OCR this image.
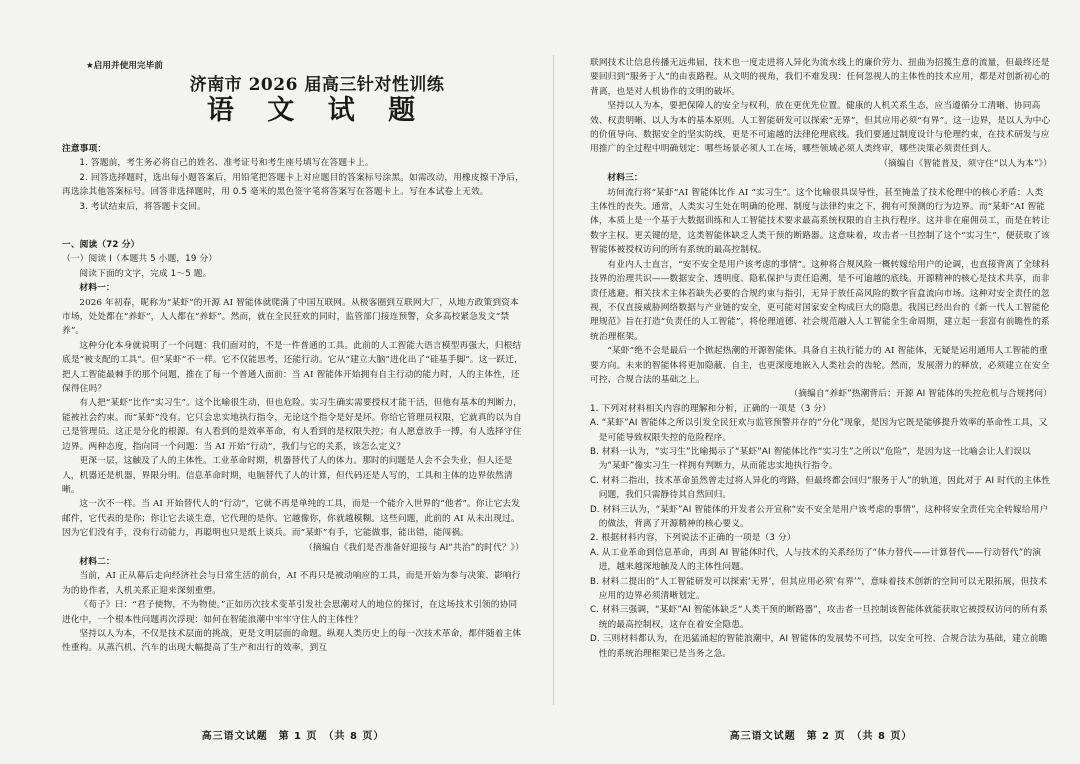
★启用并使用完毕前
济南市 2026 届高三针对性训练
语 文 试 题

注意事项：

1. 答题前，考生务必将自己的姓名、准考证号和考生座号填写在答题卡上。

2. 回答选择题时，选出每小题答案后，用铅笔把答题卡上对应题目的答案标号涂黑。如需改动，用橡皮擦干净后，再选涂其他答案标号。回答非选择题时，用 0.5 毫米的黑色签字笔将答案写在答题卡上。写在本试卷上无效。

3. 考试结束后，将答题卡交回。

一、阅读（72 分）

（一）阅读 Ⅰ（本题共 5 小题，19 分）

阅读下面的文字，完成 1～5 题。

材料一：

2026 年初春，昵称为“某虾”的开源 AI 智能体就爬满了中国互联网。从极客圈到互联网大厂，从地方政策到资本市场，处处都在“养虾”，人人都在“养虾”。然而，就在全民狂欢的同时，监管部门接连预警，众多高校紧急发文“禁养”。

这种分化本身就说明了一个问题：我们面对的，不是一件普通的工具。此前的人工智能大语言模型再强大，归根结底是“被支配的工具”。但“某虾”不一样。它不仅能思考，还能行动。它从“建立大脑”进化出了“硅基手脚”。这一跃迁，把人工智能最棘手的那个问题，推在了每一个普通人面前：当 AI 智能体开始拥有自主行动的能力时，人的主体性，还保得住吗？

有人把“某虾”比作“实习生”。这个比喻很生动，但也危险。实习生确实需要授权才能干活，但他有基本的判断力，能被社会约束。而“某虾”没有。它只会忠实地执行指令，无论这个指令是好是坏。你给它管理员权限，它就真的以为自己是管理员。这正是分化的根源。有人看到的是效率革命，有人看到的是权限失控；有人愿意放手一搏，有人选择守住边界。两种态度，指向同一个问题：当 AI 开始“行动”，我们与它的关系，该怎么定义？

更深一层，这触及了人的主体性。工业革命时期，机器替代了人的体力。那时的问题是人会不会失业，但人还是人，机器还是机器，界限分明。信息革命时期，电脑替代了人的计算，但代码还是人写的，工具和主体的边界依然清晰。

这一次不一样。当 AI 开始替代人的“行动”，它就不再是单纯的工具，而是一个能介入世界的“他者”。你让它去发邮件，它代表的是你；你让它去谈生意，它代理的是你。它越像你，你就越模糊。这些问题，此前的 AI 从未出现过。因为它们没有手，没有行动能力，再聪明也只是纸上谈兵。而“某虾”有手，它能做事，能出错，能闯祸。

（摘编自《我们是否准备好迎接与 AI“共治”的时代？》）

材料二：

当前，AI 正从幕后走向经济社会与日常生活的前台，AI 不再只是被动响应的工具，而是开始为参与决策、影响行为的协作者，人机关系正迎来深刻重塑。

《荀子》曰：“君子使物，不为物使。”正如历次技术变革引发社会思潮对人的地位的探讨，在这场技术引领的协同进化中，一个根本性问题再次浮现：如何在智能浪潮中牢牢守住人的主体性？

坚持以人为本，不仅是技术层面的挑战，更是文明层面的命题。纵观人类历史上的每一次技术革命，都伴随着主体性重构。从蒸汽机、汽车的出现大幅提高了生产和出行的效率，到互

高三语文试题　第 1 页　（共 8 页）

联网技术让信息传播无远弗届，技术也一度走进将人异化为流水线上的廉价劳力、扭曲为招揽生意的流量，但最终还是要回归到“服务于人”的由衷路程。从文明的视角，我们不难发现：任何忽视人的主体性的技术应用，都是对创新初心的背离，也是对人机协作的文明的破坏。

坚持以人为本，要把保障人的安全与权利，放在更优先位置。健康的人机关系生态，应当遵循分工清晰、协同高效、权责明晰、以人为本的基本原则。人工智能研发可以探索“无界”，但其应用必须“有界”。这一边界，是以人为中心的价值导向、数据安全的坚实防线，更是不可逾越的法律伦理底线。我们要通过制度设计与伦理约束，在技术研发与应用推广的全过程中明确划定：哪些场景必须人工在场，哪些领域必须人类终审，哪些决策必须责任到人。

（摘编自《智能普及，须守住“以人为本”》）

材料三：

坊间流行将“某虾”AI 智能体比作 AI “实习生”。这个比喻很具误导性，甚至掩盖了技术伦理中的核心矛盾：人类主体性的丧失。通常，人类实习生处在明确的伦理、制度与法律约束之下，拥有可预测的行为边界。而“某虾”AI 智能体，本质上是一个基于大数据训练和人工智能技术要求最高系统权限的自主执行程序。这并非在雇佣员工，而是在转让数字主权。更关键的是，这类智能体缺乏人类干预的断路器。这意味着，攻击者一旦控制了这个“实习生”，便获取了该智能体被授权访问的所有系统的最高控制权。

有业内人士直言，“安不安全是用户该考虑的事情”。这种将合规风险一概转嫁给用户的论调，也直接背离了全球科技界的治理共识——数据安全、透明度、隐私保护与责任追溯，是不可逾越的底线。开源精神的核心是技术共享，而非责任逃避。相关技术主体若缺失必要的合规约束与指引，无异于放任高风险的数字盲盒流向市场。这种对安全责任的忽视，不仅直接威胁网络数据与产业链的安全，更可能对国家安全构成巨大的隐患。我国已经出台的《新一代人工智能伦理规范》旨在打造“负责任的人工智能”，将伦理道德、社会规范融入人工智能全生命周期，建立起一套富有前瞻性的系统治理框架。

“某虾”绝不会是最后一个掀起热潮的开源智能体。具备自主执行能力的 AI 智能体，无疑是运用通用人工智能的重要方向。未来的智能体将更加隐蔽、自主，也更深度地嵌入人类社会的齿轮。然而，发展潜力的释放，必须建立在安全可控、合规合法的基础之上。

（摘编自“养虾”热潮背后：开源 AI 智能体的失控危机与合规拷问）

1. 下列对材料相关内容的理解和分析，正确的一项是（3 分）

A. “某虾”AI 智能体之所以引发全民狂欢与监管预警并存的“分化”现象，是因为它既是能够提升效率的革命性工具，又是可能导致权限失控的危险程序。

B. 材料一认为，“实习生”比喻揭示了“某虾”AI 智能体比作“实习生”之所以“危险”，是因为这一比喻会让人们误以为“某虾”像实习生一样拥有判断力，从而能忠实地执行指令。

C. 材料二指出，技术革命虽然曾走过将人异化的弯路，但最终都会回归“服务于人”的轨道，因此对于 AI 时代的主体性问题，我们只需静待其自然回归。

D. 材料三认为，“某虾”AI 智能体的开发者公开宣称“安不安全是用户该考虑的事情”，这种将安全责任完全转嫁给用户的做法，背离了开源精神的核心要义。

2. 根据材料内容，下列说法不正确的一项是（3 分）

A. 从工业革命到信息革命，再到 AI 智能体时代，人与技术的关系经历了“体力替代——计算替代——行动替代”的演进，越来越深地触及人的主体性问题。

B. 材料二提出的“人工智能研发可以探索‘无界’，但其应用必须‘有界’”，意味着技术创新的空间可以无限拓展，但技术应用的边界必须清晰划定。

C. 材料三强调，“某虾”AI 智能体缺乏“人类干预的断路器”，攻击者一旦控制该智能体就能获取它被授权访问的所有系统的最高控制权，这存在着安全隐患。

D. 三则材料都认为，在迅猛涌起的智能浪潮中，AI 智能体的发展势不可挡，以安全可控、合规合法为基础，建立前瞻性的系统治理框架已是当务之急。

高三语文试题　第 2 页　（共 8 页）
